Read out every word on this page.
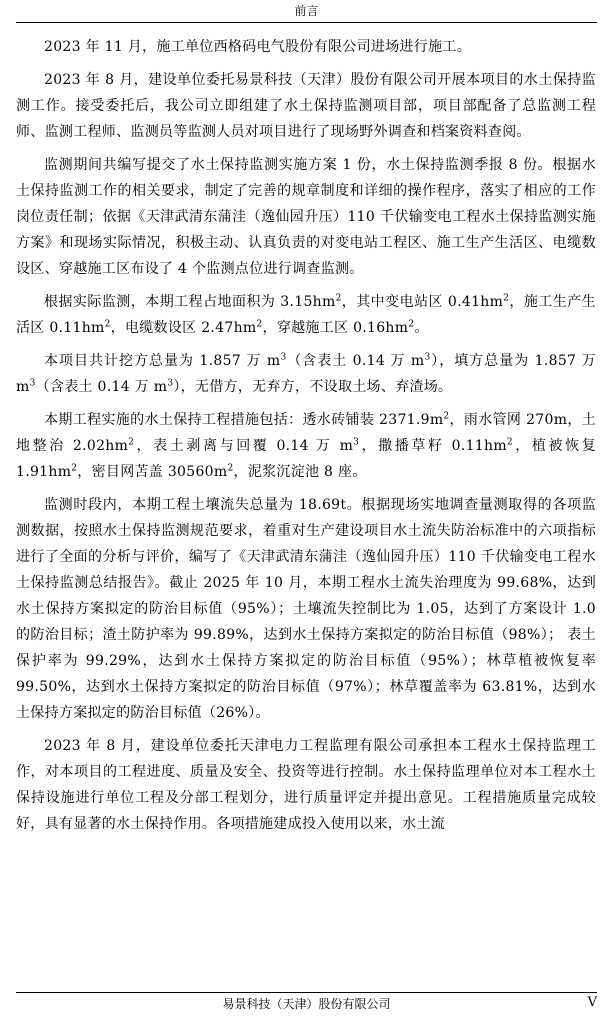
前言

2023 年 11 月，施工单位西格码电气股份有限公司进场进行施工。

2023 年 8 月，建设单位委托易景科技（天津）股份有限公司开展本项目的水土保持监测工作。接受委托后，我公司立即组建了水土保持监测项目部，项目部配备了总监测工程师、监测工程师、监测员等监测人员对项目进行了现场野外调查和档案资料查阅。

监测期间共编写提交了水土保持监测实施方案 1 份，水土保持监测季报 8 份。根据水土保持监测工作的相关要求，制定了完善的规章制度和详细的操作程序，落实了相应的工作岗位责任制；依据《天津武清东蒲洼（逸仙园升压）110 千伏输变电工程水土保持监测实施方案》和现场实际情况，积极主动、认真负责的对变电站工程区、施工生产生活区、电缆数设区、穿越施工区布设了 4 个监测点位进行调查监测。

根据实际监测，本期工程占地面积为 $3.15hm^2$，其中变电站区 $0.41hm^2$，施工生产生活区 $0.11hm^2$，电缆数设区 $2.47hm^2$，穿越施工区 $0.16hm^2$。

本项目共计挖方总量为 1.857 万 $m^3$（含表土 0.14 万 $m^3$），填方总量为 1.857 万 $m^3$（含表土 0.14 万 $m^3$），无借方，无弃方，不设取土场、弃渣场。

本期工程实施的水土保持工程措施包括：透水砖铺装 $2371.9m^2$，雨水管网 270m，土地整治 $2.02hm^2$，表土剥离与回覆 0.14 万 $m^3$，撒播草籽 $0.11hm^2$，植被恢复 $1.91hm^2$，密目网苫盖 $30560m^2$，泥浆沉淀池 8 座。

监测时段内，本期工程土壤流失总量为 18.69t。根据现场实地调查量测取得的各项监测数据，按照水土保持监测规范要求，着重对生产建设项目水土流失防治标准中的六项指标进行了全面的分析与评价，编写了《天津武清东蒲洼（逸仙园升压）110 千伏输变电工程水土保持监测总结报告》。截止 2025 年 10 月，本期工程水土流失治理度为 99.68%，达到水土保持方案拟定的防治目标值（95%）；土壤流失控制比为 1.05，达到了方案设计 1.0 的防治目标；渣土防护率为 99.89%，达到水土保持方案拟定的防治目标值（98%）； 表土保护率为 99.29%，达到水土保持方案拟定的防治目标值（95%）；林草植被恢复率 99.50%，达到水土保持方案拟定的防治目标值（97%）；林草覆盖率为 63.81%，达到水土保持方案拟定的防治目标值（26%）。

2023 年 8 月，建设单位委托天津电力工程监理有限公司承担本工程水土保持监理工作，对本项目的工程进度、质量及安全、投资等进行控制。水土保持监理单位对本工程水土保持设施进行单位工程及分部工程划分，进行质量评定并提出意见。工程措施质量完成较好，具有显著的水土保持作用。各项措施建成投入使用以来，水土流

易景科技（天津）股份有限公司	V
